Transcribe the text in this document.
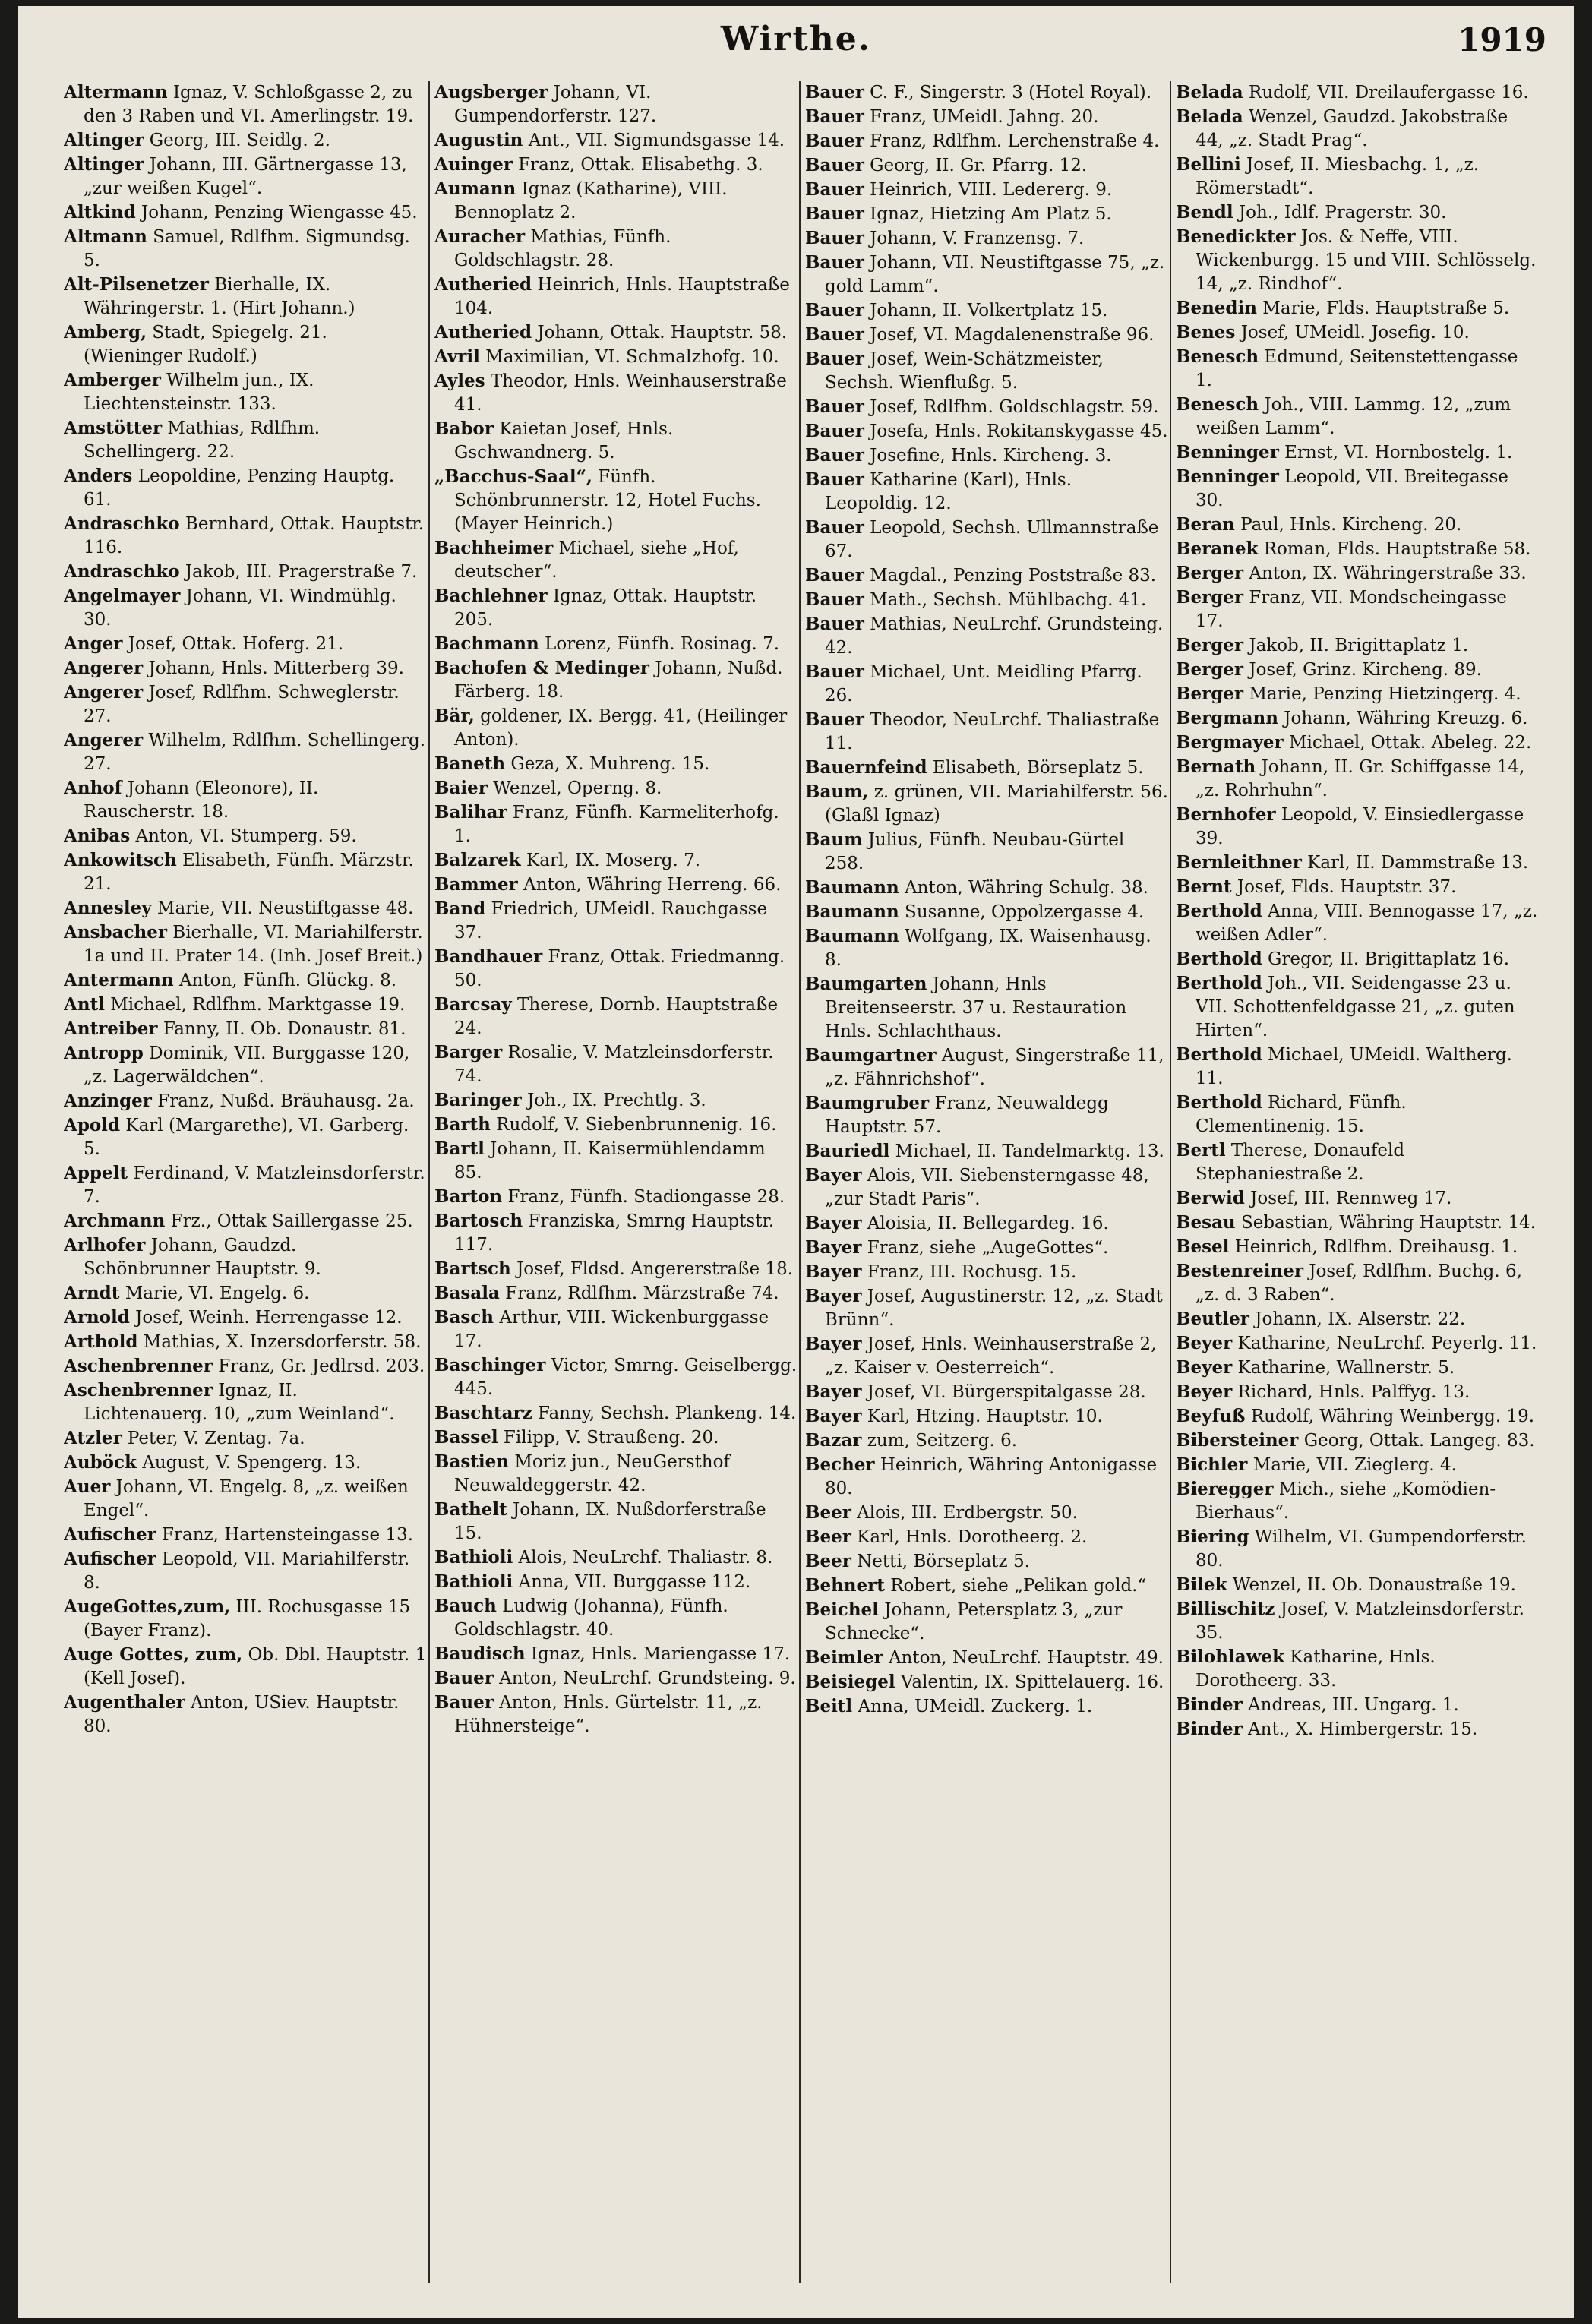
Wirthe.	1919

Altermann Ignaz, V. Schloßgasse 2, zu den 3 Raben und VI. Amerlingstr. 19.

Altinger Georg, III. Seidlg. 2.

Altinger Johann, III. Gärtnergasse 13, „zur weißen Kugel“.

Altkind Johann, Penzing Wiengasse 45.

Altmann Samuel, Rdlfhm. Sigmundsg. 5.

Alt-Pilsenetzer Bierhalle, IX. Währingerstr. 1. (Hirt Johann.)

Amberg, Stadt, Spiegelg. 21. (Wieninger Rudolf.)

Amberger Wilhelm jun., IX. Liechtensteinstr. 133.

Amstötter Mathias, Rdlfhm. Schellingerg. 22.

Anders Leopoldine, Penzing Hauptg. 61.

Andraschko Bernhard, Ottak. Hauptstr. 116.

Andraschko Jakob, III. Pragerstraße 7.

Angelmayer Johann, VI. Windmühlg. 30.

Anger Josef, Ottak. Hoferg. 21.

Angerer Johann, Hnls. Mitterberg 39.

Angerer Josef, Rdlfhm. Schweglerstr. 27.

Angerer Wilhelm, Rdlfhm. Schellingerg. 27.

Anhof Johann (Eleonore), II. Rauscherstr. 18.

Anibas Anton, VI. Stumperg. 59.

Ankowitsch Elisabeth, Fünfh. Märzstr. 21.

Annesley Marie, VII. Neustiftgasse 48.

Ansbacher Bierhalle, VI. Mariahilferstr. 1a und II. Prater 14. (Inh. Josef Breit.)

Antermann Anton, Fünfh. Glückg. 8.

Antl Michael, Rdlfhm. Marktgasse 19.

Antreiber Fanny, II. Ob. Donaustr. 81.

Antropp Dominik, VII. Burggasse 120, „z. Lagerwäldchen“.

Anzinger Franz, Nußd. Bräuhausg. 2a.

Apold Karl (Margarethe), VI. Garberg. 5.

Appelt Ferdinand, V. Matzleinsdorferstr. 7.

Archmann Frz., Ottak Saillergasse 25.

Arlhofer Johann, Gaudzd. Schönbrunner Hauptstr. 9.

Arndt Marie, VI. Engelg. 6.

Arnold Josef, Weinh. Herrengasse 12.

Arthold Mathias, X. Inzersdorferstr. 58.

Aschenbrenner Franz, Gr. Jedlrsd. 203.

Aschenbrenner Ignaz, II. Lichtenauerg. 10, „zum Weinland“.

Atzler Peter, V. Zentag. 7a.

Auböck August, V. Spengerg. 13.

Auer Johann, VI. Engelg. 8, „z. weißen Engel“.

Aufischer Franz, Hartensteingasse 13.

Aufischer Leopold, VII. Mariahilferstr. 8.

AugeGottes,zum, III. Rochusgasse 15 (Bayer Franz).

Auge Gottes, zum, Ob. Dbl. Hauptstr. 1 (Kell Josef).

Augenthaler Anton, USiev. Hauptstr. 80.

Augsberger Johann, VI. Gumpendorferstr. 127.

Augustin Ant., VII. Sigmundsgasse 14.

Auinger Franz, Ottak. Elisabethg. 3.

Aumann Ignaz (Katharine), VIII. Bennoplatz 2.

Auracher Mathias, Fünfh. Goldschlagstr. 28.

Autheried Heinrich, Hnls. Hauptstraße 104.

Autheried Johann, Ottak. Hauptstr. 58.

Avril Maximilian, VI. Schmalzhofg. 10.

Ayles Theodor, Hnls. Weinhauserstraße 41.

Babor Kaietan Josef, Hnls. Gschwandnerg. 5.

„Bacchus-Saal“, Fünfh. Schönbrunnerstr. 12, Hotel Fuchs. (Mayer Heinrich.)

Bachheimer Michael, siehe „Hof, deutscher“.

Bachlehner Ignaz, Ottak. Hauptstr. 205.

Bachmann Lorenz, Fünfh. Rosinag. 7.

Bachofen & Medinger Johann, Nußd. Färberg. 18.

Bär, goldener, IX. Bergg. 41, (Heilinger Anton).

Baneth Geza, X. Muhreng. 15.

Baier Wenzel, Operng. 8.

Balihar Franz, Fünfh. Karmeliterhofg. 1.

Balzarek Karl, IX. Moserg. 7.

Bammer Anton, Währing Herreng. 66.

Band Friedrich, UMeidl. Rauchgasse 37.

Bandhauer Franz, Ottak. Friedmanng. 50.

Barcsay Therese, Dornb. Hauptstraße 24.

Barger Rosalie, V. Matzleinsdorferstr. 74.

Baringer Joh., IX. Prechtlg. 3.

Barth Rudolf, V. Siebenbrunnenig. 16.

Bartl Johann, II. Kaisermühlendamm 85.

Barton Franz, Fünfh. Stadiongasse 28.

Bartosch Franziska, Smrng Hauptstr. 117.

Bartsch Josef, Fldsd. Angererstraße 18.

Basala Franz, Rdlfhm. Märzstraße 74.

Basch Arthur, VIII. Wickenburggasse 17.

Baschinger Victor, Smrng. Geiselbergg. 445.

Baschtarz Fanny, Sechsh. Plankeng. 14.

Bassel Filipp, V. Straußeng. 20.

Bastien Moriz jun., NeuGersthof Neuwaldeggerstr. 42.

Bathelt Johann, IX. Nußdorferstraße 15.

Bathioli Alois, NeuLrchf. Thaliastr. 8.

Bathioli Anna, VII. Burggasse 112.

Bauch Ludwig (Johanna), Fünfh. Goldschlagstr. 40.

Baudisch Ignaz, Hnls. Mariengasse 17.

Bauer Anton, NeuLrchf. Grundsteing. 9.

Bauer Anton, Hnls. Gürtelstr. 11, „z. Hühnersteige“.

Bauer C. F., Singerstr. 3 (Hotel Royal).

Bauer Franz, UMeidl. Jahng. 20.

Bauer Franz, Rdlfhm. Lerchenstraße 4.

Bauer Georg, II. Gr. Pfarrg. 12.

Bauer Heinrich, VIII. Ledererg. 9.

Bauer Ignaz, Hietzing Am Platz 5.

Bauer Johann, V. Franzensg. 7.

Bauer Johann, VII. Neustiftgasse 75, „z. gold Lamm“.

Bauer Johann, II. Volkertplatz 15.

Bauer Josef, VI. Magdalenenstraße 96.

Bauer Josef, Wein-Schätzmeister, Sechsh. Wienflußg. 5.

Bauer Josef, Rdlfhm. Goldschlagstr. 59.

Bauer Josefa, Hnls. Rokitanskygasse 45.

Bauer Josefine, Hnls. Kircheng. 3.

Bauer Katharine (Karl), Hnls. Leopoldig. 12.

Bauer Leopold, Sechsh. Ullmannstraße 67.

Bauer Magdal., Penzing Poststraße 83.

Bauer Math., Sechsh. Mühlbachg. 41.

Bauer Mathias, NeuLrchf. Grundsteing. 42.

Bauer Michael, Unt. Meidling Pfarrg. 26.

Bauer Theodor, NeuLrchf. Thaliastraße 11.

Bauernfeind Elisabeth, Börseplatz 5.

Baum, z. grünen, VII. Mariahilferstr. 56. (Glaßl Ignaz)

Baum Julius, Fünfh. Neubau-Gürtel 258.

Baumann Anton, Währing Schulg. 38.

Baumann Susanne, Oppolzergasse 4.

Baumann Wolfgang, IX. Waisenhausg. 8.

Baumgarten Johann, Hnls Breitenseerstr. 37 u. Restauration Hnls. Schlachthaus.

Baumgartner August, Singerstraße 11, „z. Fähnrichshof“.

Baumgruber Franz, Neuwaldegg Hauptstr. 57.

Bauriedl Michael, II. Tandelmarktg. 13.

Bayer Alois, VII. Siebensterngasse 48, „zur Stadt Paris“.

Bayer Aloisia, II. Bellegardeg. 16.

Bayer Franz, siehe „AugeGottes“.

Bayer Franz, III. Rochusg. 15.

Bayer Josef, Augustinerstr. 12, „z. Stadt Brünn“.

Bayer Josef, Hnls. Weinhauserstraße 2, „z. Kaiser v. Oesterreich“.

Bayer Josef, VI. Bürgerspitalgasse 28.

Bayer Karl, Htzing. Hauptstr. 10.

Bazar zum, Seitzerg. 6.

Becher Heinrich, Währing Antonigasse 80.

Beer Alois, III. Erdbergstr. 50.

Beer Karl, Hnls. Dorotheerg. 2.

Beer Netti, Börseplatz 5.

Behnert Robert, siehe „Pelikan gold.“

Beichel Johann, Petersplatz 3, „zur Schnecke“.

Beimler Anton, NeuLrchf. Hauptstr. 49.

Beisiegel Valentin, IX. Spittelauerg. 16.

Beitl Anna, UMeidl. Zuckerg. 1.

Belada Rudolf, VII. Dreilaufergasse 16.

Belada Wenzel, Gaudzd. Jakobstraße 44, „z. Stadt Prag“.

Bellini Josef, II. Miesbachg. 1, „z. Römerstadt“.

Bendl Joh., Idlf. Pragerstr. 30.

Benedickter Jos. & Neffe, VIII. Wickenburgg. 15 und VIII. Schlösselg. 14, „z. Rindhof“.

Benedin Marie, Flds. Hauptstraße 5.

Benes Josef, UMeidl. Josefig. 10.

Benesch Edmund, Seitenstettengasse 1.

Benesch Joh., VIII. Lammg. 12, „zum weißen Lamm“.

Benninger Ernst, VI. Hornbostelg. 1.

Benninger Leopold, VII. Breitegasse 30.

Beran Paul, Hnls. Kircheng. 20.

Beranek Roman, Flds. Hauptstraße 58.

Berger Anton, IX. Währingerstraße 33.

Berger Franz, VII. Mondscheingasse 17.

Berger Jakob, II. Brigittaplatz 1.

Berger Josef, Grinz. Kircheng. 89.

Berger Marie, Penzing Hietzingerg. 4.

Bergmann Johann, Währing Kreuzg. 6.

Bergmayer Michael, Ottak. Abeleg. 22.

Bernath Johann, II. Gr. Schiffgasse 14, „z. Rohrhuhn“.

Bernhofer Leopold, V. Einsiedlergasse 39.

Bernleithner Karl, II. Dammstraße 13.

Bernt Josef, Flds. Hauptstr. 37.

Berthold Anna, VIII. Bennogasse 17, „z. weißen Adler“.

Berthold Gregor, II. Brigittaplatz 16.

Berthold Joh., VII. Seidengasse 23 u. VII. Schottenfeldgasse 21, „z. guten Hirten“.

Berthold Michael, UMeidl. Waltherg. 11.

Berthold Richard, Fünfh. Clementinenig. 15.

Bertl Therese, Donaufeld Stephaniestraße 2.

Berwid Josef, III. Rennweg 17.

Besau Sebastian, Währing Hauptstr. 14.

Besel Heinrich, Rdlfhm. Dreihausg. 1.

Bestenreiner Josef, Rdlfhm. Buchg. 6, „z. d. 3 Raben“.

Beutler Johann, IX. Alserstr. 22.

Beyer Katharine, NeuLrchf. Peyerlg. 11.

Beyer Katharine, Wallnerstr. 5.

Beyer Richard, Hnls. Palffyg. 13.

Beyfuß Rudolf, Währing Weinbergg. 19.

Bibersteiner Georg, Ottak. Langeg. 83.

Bichler Marie, VII. Zieglerg. 4.

Bieregger Mich., siehe „Komödien-Bierhaus“.

Biering Wilhelm, VI. Gumpendorferstr. 80.

Bilek Wenzel, II. Ob. Donaustraße 19.

Billischitz Josef, V. Matzleinsdorferstr. 35.

Bilohlawek Katharine, Hnls. Dorotheerg. 33.

Binder Andreas, III. Ungarg. 1.

Binder Ant., X. Himbergerstr. 15.
